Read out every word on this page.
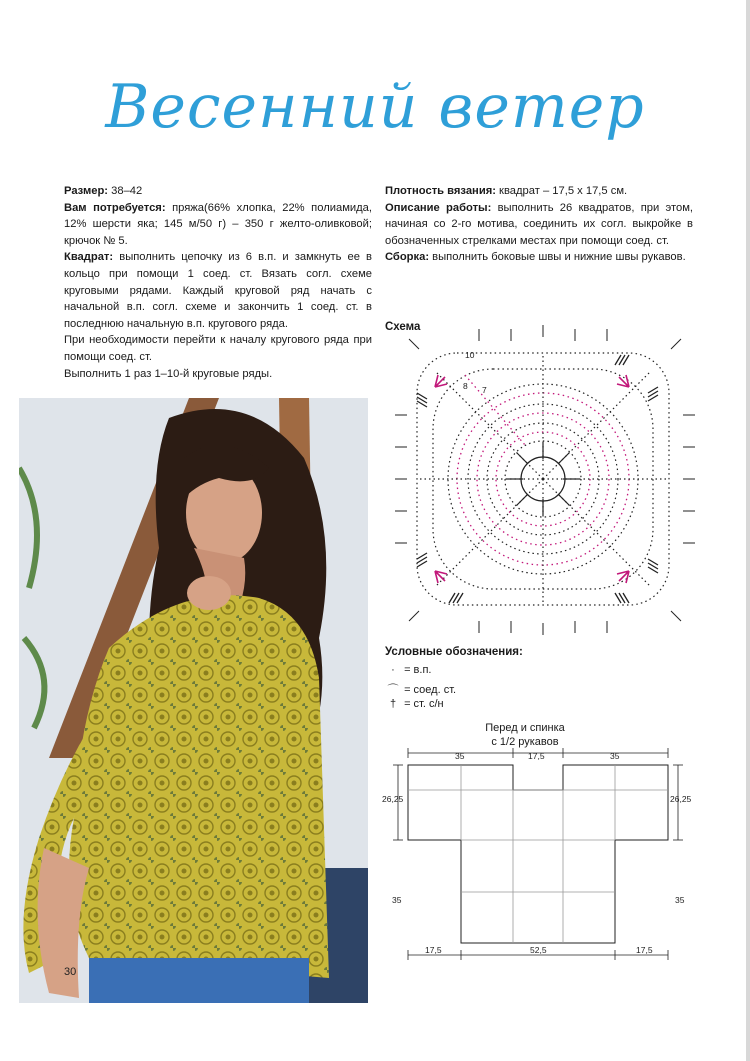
Весенний ветер

Размер: 38–42

Вам потребуется: пряжа(66% хлопка, 22% полиамида, 12% шерсти яка; 145 м/50 г) – 350 г желто-оливковой; крючок № 5.

Квадрат: выполнить цепочку из 6 в.п. и замкнуть ее в кольцо при помощи 1 соед. ст. Вязать согл. схеме круговыми рядами. Каждый круговой ряд начать с начальной в.п. согл. схеме и закончить 1 соед. ст. в последнюю начальную в.п. кругового ряда.

При необходимости перейти к началу кругового ряда при помощи соед. ст.

Выполнить 1 раз 1–10-й круговые ряды.

Плотность вязания: квадрат – 17,5 х 17,5 см.

Описание работы: выполнить 26 квадратов, при этом, начиная со 2-го мотива, соединить их согл. выкройке в обозначенных стрелками местах при помощи соед. ст.

Сборка: выполнить боковые швы и нижние швы рукавов.

30
Схема
10
8 7
Условные обозначения:
· = в.п.
⌒ = соед. ст.
† = ст. с/н
Перед и спинка
с 1/2 рукавов
35	17,5	35
26,25	26,25
35	35
17,5	52,5	17,5
